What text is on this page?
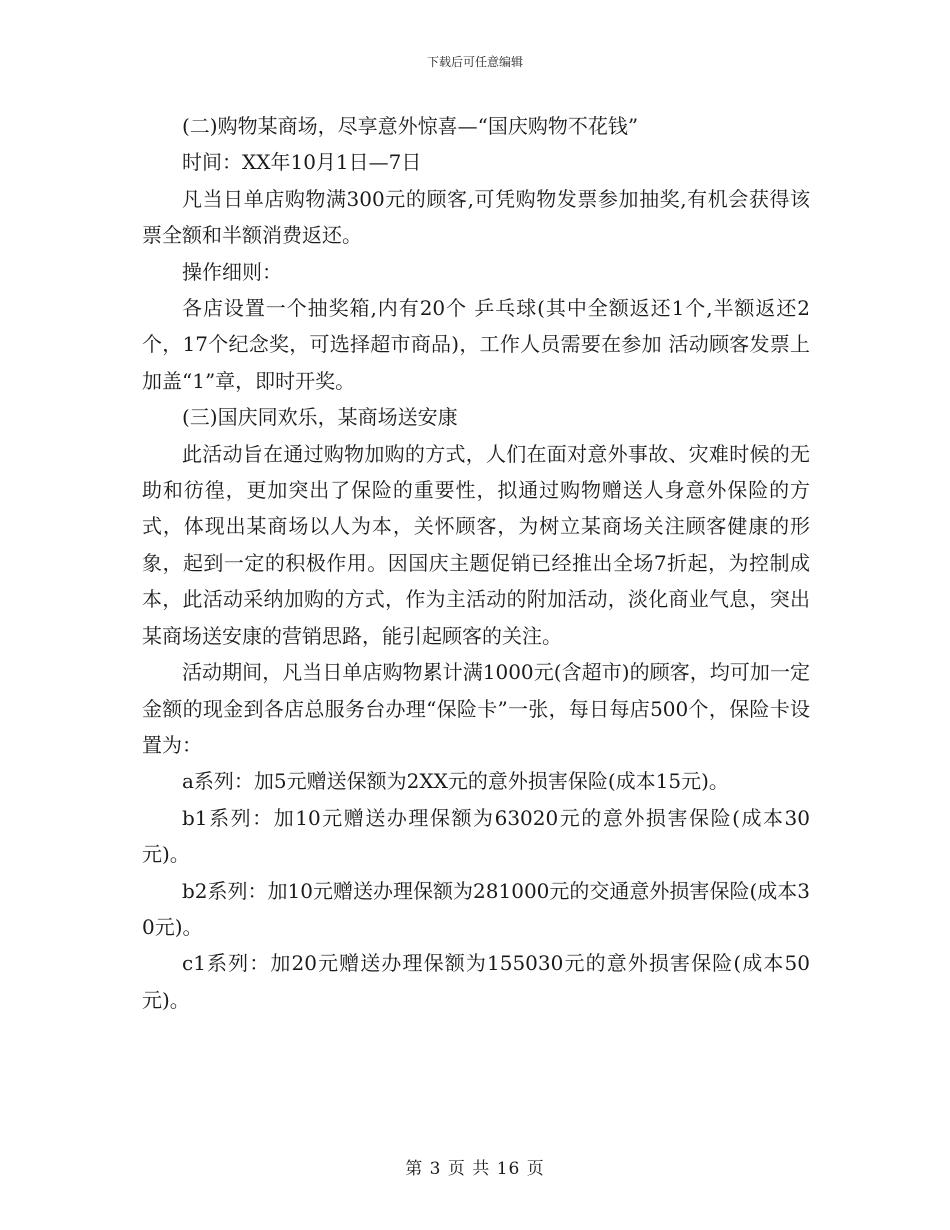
下载后可任意编辑

(二)购物某商场，尽享意外惊喜—“国庆购物不花钱”

时间：XX年10月1日—7日

凡当日单店购物满300元的顾客,可凭购物发票参加抽奖,有机会获得该票全额和半额消费返还。

操作细则：

各店设置一个抽奖箱,内有20个 乒乓球(其中全额返还1个,半额返还2个，17个纪念奖，可选择超市商品)，工作人员需要在参加 活动顾客发票上加盖“1”章，即时开奖。

(三)国庆同欢乐，某商场送安康

此活动旨在通过购物加购的方式，人们在面对意外事故、灾难时候的无助和彷徨，更加突出了保险的重要性，拟通过购物赠送人身意外保险的方式，体现出某商场以人为本，关怀顾客，为树立某商场关注顾客健康的形象，起到一定的积极作用。因国庆主题促销已经推出全场7折起，为控制成本，此活动采纳加购的方式，作为主活动的附加活动，淡化商业气息，突出某商场送安康的营销思路，能引起顾客的关注。

活动期间，凡当日单店购物累计满1000元(含超市)的顾客，均可加一定金额的现金到各店总服务台办理“保险卡”一张，每日每店500个，保险卡设置为：

a系列：加5元赠送保额为2XX元的意外损害保险(成本15元)。

b1系列：加10元赠送办理保额为63020元的意外损害保险(成本30元)。

b2系列：加10元赠送办理保额为281000元的交通意外损害保险(成本30元)。

c1系列：加20元赠送办理保额为155030元的意外损害保险(成本50元)。

第 3 页 共 16 页
